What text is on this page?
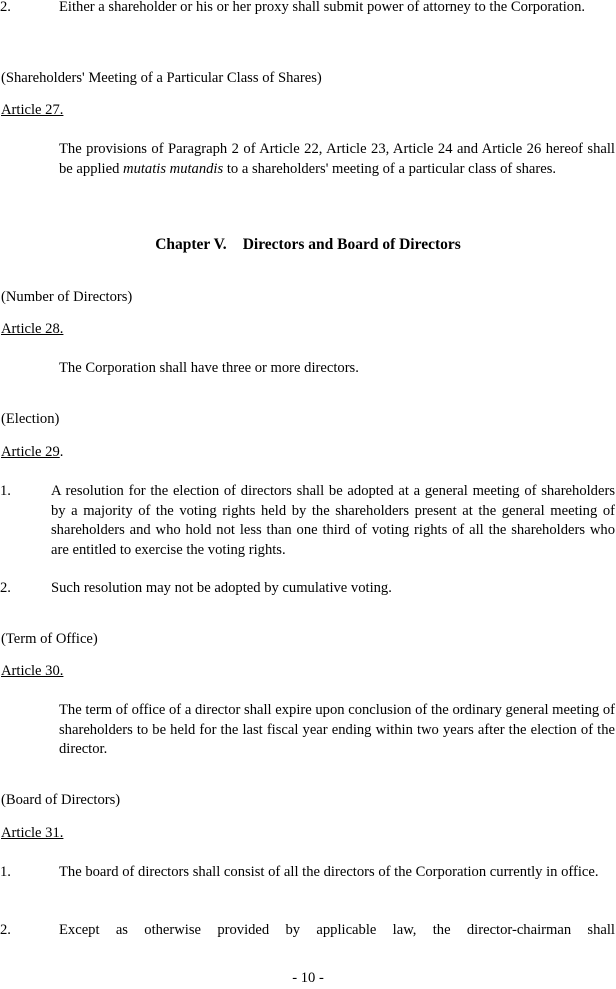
2.	Either a shareholder or his or her proxy shall submit power of attorney to the Corporation.
(Shareholders' Meeting of a Particular Class of Shares)
Article 27.
The provisions of Paragraph 2 of Article 22, Article 23, Article 24 and Article 26 hereof shall be applied mutatis mutandis to a shareholders' meeting of a particular class of shares.
Chapter V. Directors and Board of Directors
(Number of Directors)
Article 28.
The Corporation shall have three or more directors.
(Election)
Article 29.
1.	A resolution for the election of directors shall be adopted at a general meeting of shareholders by a majority of the voting rights held by the shareholders present at the general meeting of shareholders and who hold not less than one third of voting rights of all the shareholders who are entitled to exercise the voting rights.
2.	Such resolution may not be adopted by cumulative voting.
(Term of Office)
Article 30.
The term of office of a director shall expire upon conclusion of the ordinary general meeting of shareholders to be held for the last fiscal year ending within two years after the election of the director.
(Board of Directors)
Article 31.
1.	The board of directors shall consist of all the directors of the Corporation currently in office.
2.	Except as otherwise provided by applicable law, the director-chairman shall
- 10 -
